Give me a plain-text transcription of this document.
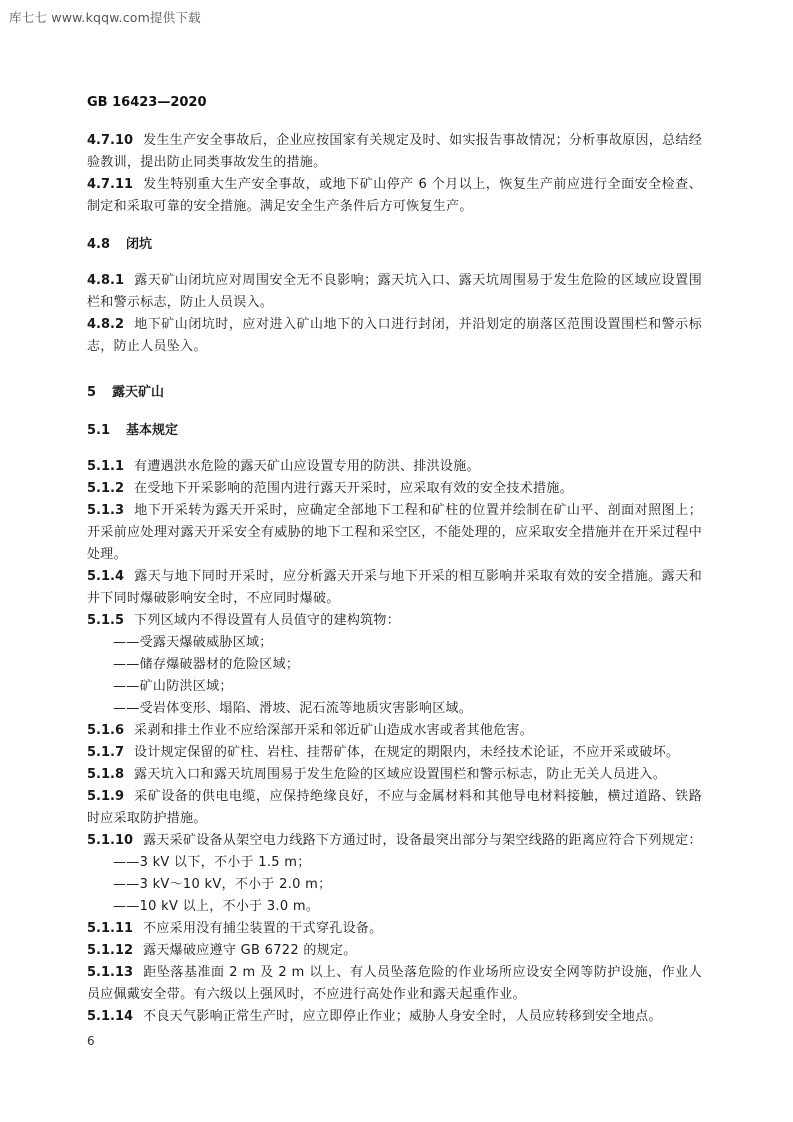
库七七 www.kqqw.com提供下载
GB 16423—2020

4.7.10 发生生产安全事故后，企业应按国家有关规定及时、如实报告事故情况；分析事故原因，总结经验教训，提出防止同类事故发生的措施。

4.7.11 发生特别重大生产安全事故，或地下矿山停产 6 个月以上，恢复生产前应进行全面安全检查、制定和采取可靠的安全措施。满足安全生产条件后方可恢复生产。

4.8 闭坑

4.8.1 露天矿山闭坑应对周围安全无不良影响；露天坑入口、露天坑周围易于发生危险的区域应设置围栏和警示标志，防止人员误入。

4.8.2 地下矿山闭坑时，应对进入矿山地下的入口进行封闭，并沿划定的崩落区范围设置围栏和警示标志，防止人员坠入。

5 露天矿山

5.1 基本规定

5.1.1 有遭遇洪水危险的露天矿山应设置专用的防洪、排洪设施。

5.1.2 在受地下开采影响的范围内进行露天开采时，应采取有效的安全技术措施。

5.1.3 地下开采转为露天开采时，应确定全部地下工程和矿柱的位置并绘制在矿山平、剖面对照图上；开采前应处理对露天开采安全有威胁的地下工程和采空区，不能处理的，应采取安全措施并在开采过程中处理。

5.1.4 露天与地下同时开采时，应分析露天开采与地下开采的相互影响并采取有效的安全措施。露天和井下同时爆破影响安全时，不应同时爆破。

5.1.5 下列区域内不得设置有人员值守的建构筑物：

——受露天爆破威胁区域；

——储存爆破器材的危险区域；

——矿山防洪区域；

——受岩体变形、塌陷、滑坡、泥石流等地质灾害影响区域。

5.1.6 采剥和排土作业不应给深部开采和邻近矿山造成水害或者其他危害。

5.1.7 设计规定保留的矿柱、岩柱、挂帮矿体，在规定的期限内，未经技术论证，不应开采或破坏。

5.1.8 露天坑入口和露天坑周围易于发生危险的区域应设置围栏和警示标志，防止无关人员进入。

5.1.9 采矿设备的供电电缆，应保持绝缘良好，不应与金属材料和其他导电材料接触，横过道路、铁路时应采取防护措施。

5.1.10 露天采矿设备从架空电力线路下方通过时，设备最突出部分与架空线路的距离应符合下列规定：

——3 kV 以下，不小于 1.5 m；

——3 kV～10 kV，不小于 2.0 m；

——10 kV 以上，不小于 3.0 m。

5.1.11 不应采用没有捕尘装置的干式穿孔设备。

5.1.12 露天爆破应遵守 GB 6722 的规定。

5.1.13 距坠落基准面 2 m 及 2 m 以上、有人员坠落危险的作业场所应设安全网等防护设施，作业人员应佩戴安全带。有六级以上强风时，不应进行高处作业和露天起重作业。

5.1.14 不良天气影响正常生产时，应立即停止作业；威胁人身安全时，人员应转移到安全地点。

6
